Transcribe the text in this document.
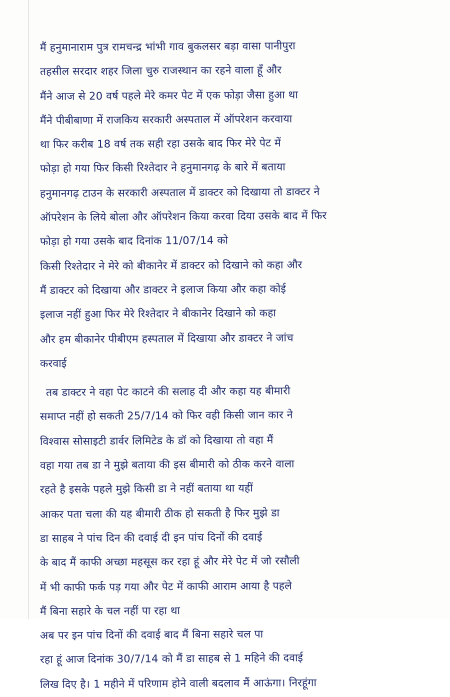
मैं हनुमानाराम पुत्र रामचन्द्र भांभी गाव बुकलसर बड़ा वासा पानीपुरा
तहसील सरदार शहर जिला चुरु राजस्थान का रहने वाला हूँ और
मैंने आज से 20 वर्ष पहले मेरे कमर पेट में एक फोड़ा जैसा हुआ था
मैंने पीबीबाणा में राजकिय सरकारी अस्पताल में ऑपरेशन करवाया
था फिर करीब 18 वर्ष तक सही रहा उसके बाद फिर मेरे पेट में
फोड़ा हो गया फिर किसी रिश्तेदार ने हनुमानगढ़ के बारे में बताया
हनुमानगढ़ टाउन के सरकारी अस्पताल में डाक्टर को दिखाया तो डाक्टर ने
ऑपरेशन के लिये बोला और ऑपरेशन किया करवा दिया उसके बाद में फिर
फोड़ा हो गया उसके बाद दिनांक 11/07/14 को
किसी रिश्तेदार ने मेरे को बीकानेर में डाक्टर को दिखाने को कहा और
मैं डाक्टर को दिखाया और डाक्टर ने इलाज किया और कहा कोई
इलाज नहीं हुआ फिर मेरे रिश्तेदार ने बीकानेर दिखाने को कहा
और हम बीकानेर पीबीएम हस्पताल में दिखाया और डाक्टर ने जांच
करवाई
तब डाक्टर ने वहा पेट काटने की सलाह दी और कहा यह बीमारी
समाप्त नहीं हो सकती 25/7/14 को फिर वही किसी जान कार ने
विश्वास सोसाइटी डार्वर लिमिटेड के डॉ को दिखाया तो वहा मैं
वहा गया तब डा ने मुझे बताया की इस बीमारी को ठीक करने वाला
रहते है इसके पहले मुझे किसी डा ने नहीं बताया था यहीं
आकर पता चला की यह बीमारी ठीक हो सकती है फिर मुझे डा
डा साहब ने पांच दिन की दवाई दी इन पांच दिनों की दवाई
के बाद मैं काफी अच्छा महसूस कर रहा हूं और मेरे पेट में जो रसौली
में भी काफी फर्क पड़ गया और पेट में काफी आराम आया है पहले
मैं बिना सहारे के चल नहीं पा रहा था
अब पर इन पांच दिनों की दवाई बाद मैं बिना सहारे चल पा
रहा हूं आज दिनांक 30/7/14 को मैं डा साहब से 1 महिने की दवाई
लिख दिए है। 1 महीने में परिणाम होने वाली बदलाव मैं आऊंगा। निरहूंगा
